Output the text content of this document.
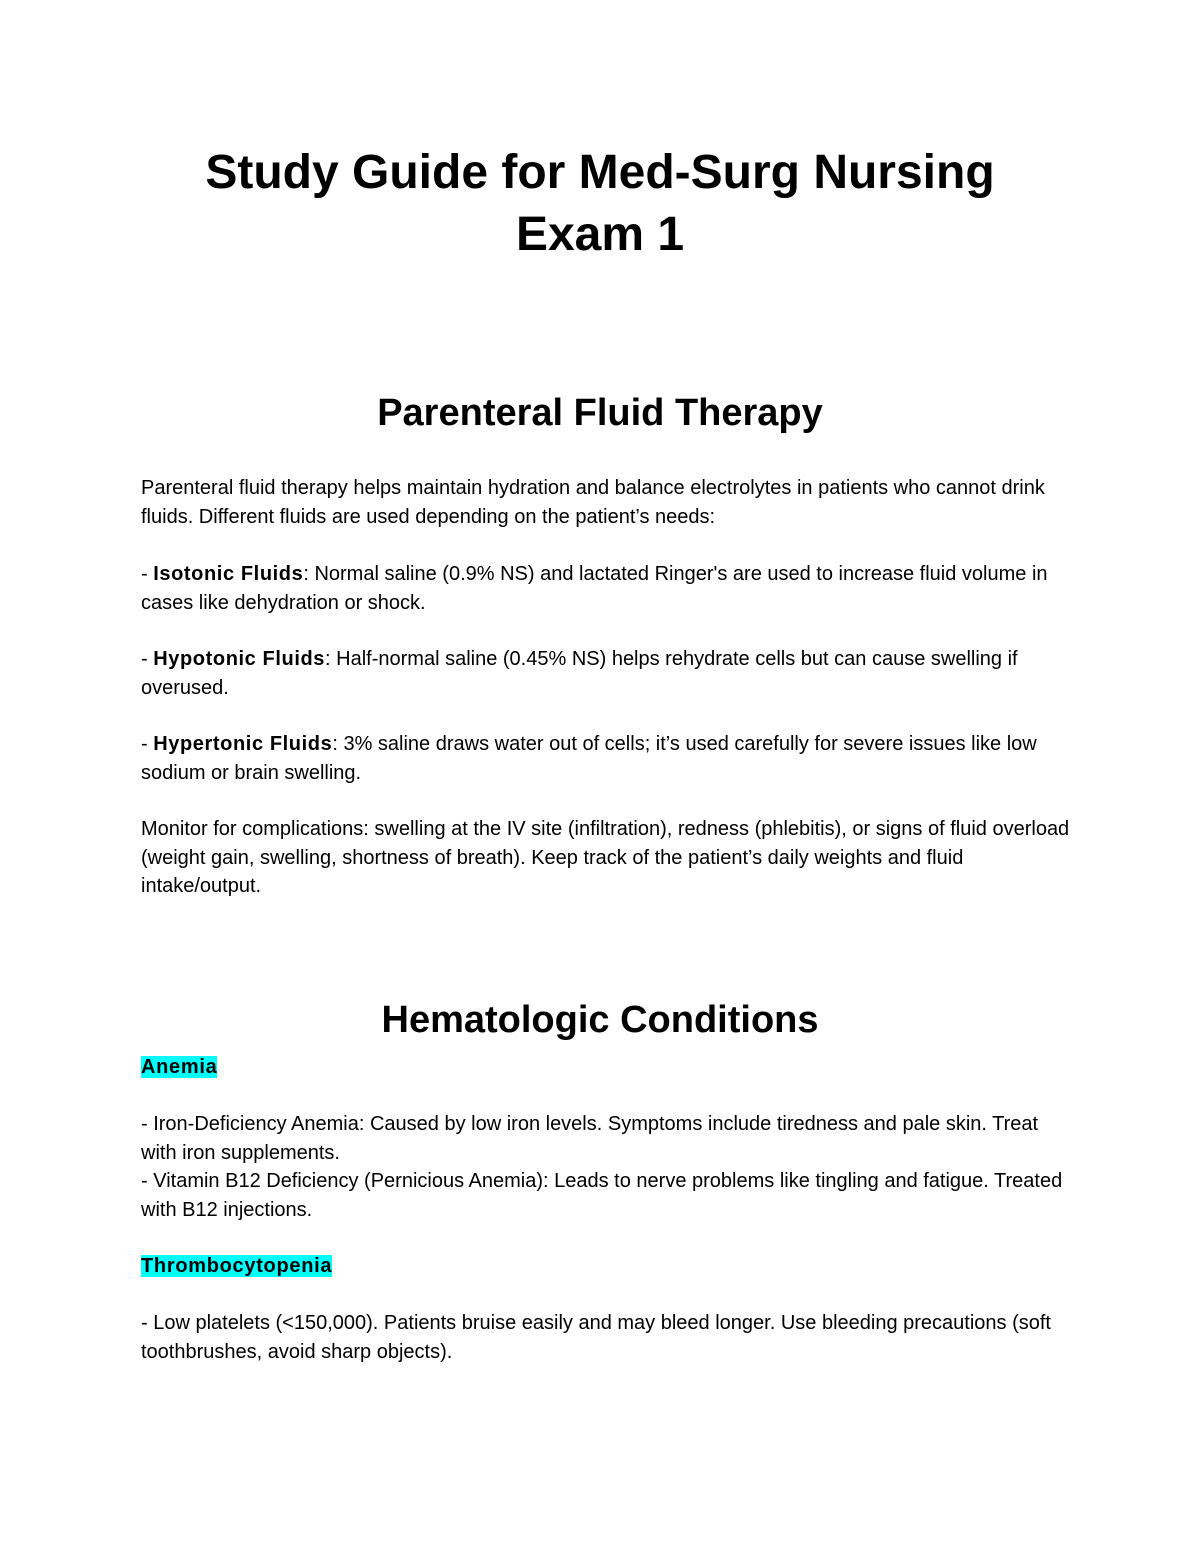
Study Guide for Med-Surg Nursing
Exam 1
Parenteral Fluid Therapy

Parenteral fluid therapy helps maintain hydration and balance electrolytes in patients who cannot drink fluids. Different fluids are used depending on the patient’s needs:

- Isotonic Fluids: Normal saline (0.9% NS) and lactated Ringer's are used to increase fluid volume in cases like dehydration or shock.

- Hypotonic Fluids: Half-normal saline (0.45% NS) helps rehydrate cells but can cause swelling if overused.

- Hypertonic Fluids: 3% saline draws water out of cells; it’s used carefully for severe issues like low sodium or brain swelling.

Monitor for complications: swelling at the IV site (infiltration), redness (phlebitis), or signs of fluid overload (weight gain, swelling, shortness of breath). Keep track of the patient’s daily weights and fluid intake/output.

Hematologic Conditions
Anemia

- Iron-Deficiency Anemia: Caused by low iron levels. Symptoms include tiredness and pale skin. Treat with iron supplements.

- Vitamin B12 Deficiency (Pernicious Anemia): Leads to nerve problems like tingling and fatigue. Treated with B12 injections.

Thrombocytopenia

- Low platelets (<150,000). Patients bruise easily and may bleed longer. Use bleeding precautions (soft toothbrushes, avoid sharp objects).
